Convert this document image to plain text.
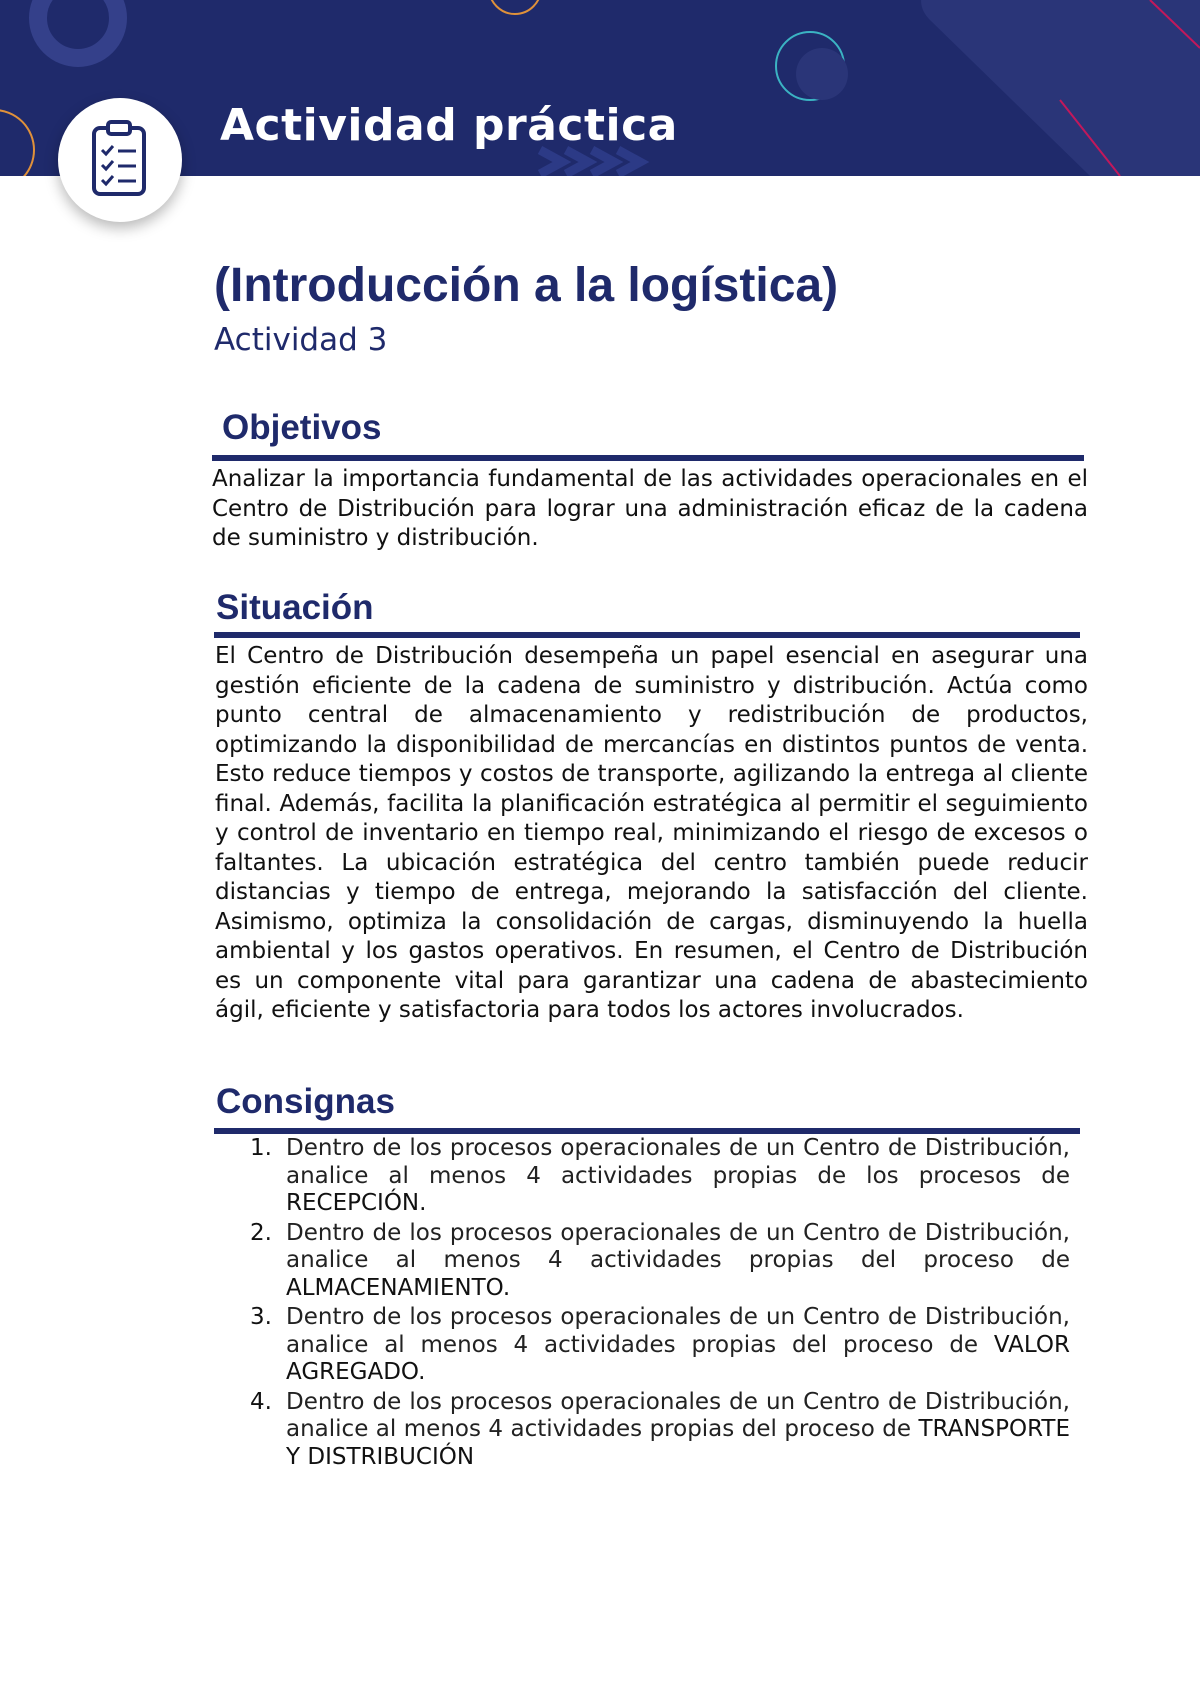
Actividad práctica
(Introducción a la logística)
Actividad 3
Objetivos

Analizar la importancia fundamental de las actividades operacionales en el Centro de Distribución para lograr una administración eficaz de la cadena de suministro y distribución.

Situación

El Centro de Distribución desempeña un papel esencial en asegurar una gestión eficiente de la cadena de suministro y distribución. Actúa como punto central de almacenamiento y redistribución de productos, optimizando la disponibilidad de mercancías en distintos puntos de venta. Esto reduce tiempos y costos de transporte, agilizando la entrega al cliente final. Además, facilita la planificación estratégica al permitir el seguimiento y control de inventario en tiempo real, minimizando el riesgo de excesos o faltantes. La ubicación estratégica del centro también puede reducir distancias y tiempo de entrega, mejorando la satisfacción del cliente. Asimismo, optimiza la consolidación de cargas, disminuyendo la huella ambiental y los gastos operativos. En resumen, el Centro de Distribución es un componente vital para garantizar una cadena de abastecimiento ágil, eficiente y satisfactoria para todos los actores involucrados.

Consignas
1. Dentro de los procesos operacionales de un Centro de Distribución, analice al menos 4 actividades propias de los procesos de RECEPCIÓN.
2. Dentro de los procesos operacionales de un Centro de Distribución, analice al menos 4 actividades propias del proceso de ALMACENAMIENTO.
3. Dentro de los procesos operacionales de un Centro de Distribución, analice al menos 4 actividades propias del proceso de VALOR AGREGADO.
4. Dentro de los procesos operacionales de un Centro de Distribución, analice al menos 4 actividades propias del proceso de TRANSPORTE Y DISTRIBUCIÓN
